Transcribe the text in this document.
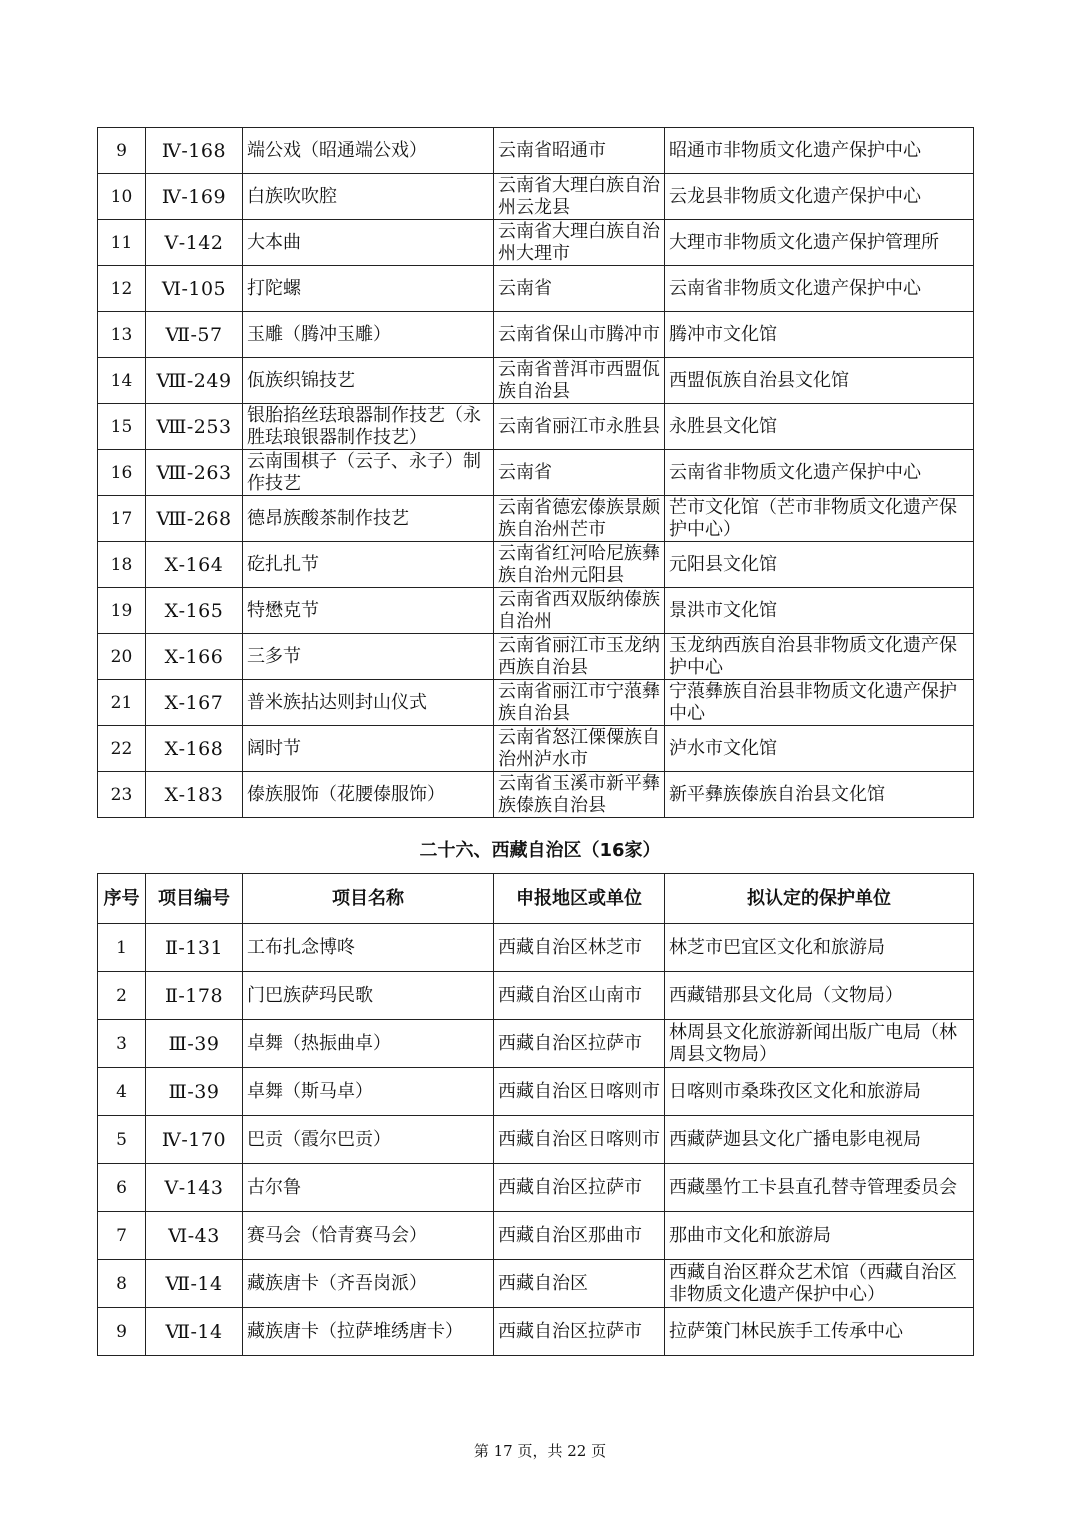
9	Ⅳ-168	端公戏（昭通端公戏）	云南省昭通市	昭通市非物质文化遗产保护中心
10	Ⅳ-169	白族吹吹腔	云南省大理白族自治州云龙县	云龙县非物质文化遗产保护中心
11	Ⅴ-142	大本曲	云南省大理白族自治州大理市	大理市非物质文化遗产保护管理所
12	Ⅵ-105	打陀螺	云南省	云南省非物质文化遗产保护中心
13	Ⅶ-57	玉雕（腾冲玉雕）	云南省保山市腾冲市	腾冲市文化馆
14	Ⅷ-249	佤族织锦技艺	云南省普洱市西盟佤族自治县	西盟佤族自治县文化馆
15	Ⅷ-253	银胎掐丝珐琅器制作技艺（永胜珐琅银器制作技艺）	云南省丽江市永胜县	永胜县文化馆
16	Ⅷ-263	云南围棋子（云子、永子）制作技艺	云南省	云南省非物质文化遗产保护中心
17	Ⅷ-268	德昂族酸茶制作技艺	云南省德宏傣族景颇族自治州芒市	芒市文化馆（芒市非物质文化遗产保护中心）
18	Ⅹ-164	矻扎扎节	云南省红河哈尼族彝族自治州元阳县	元阳县文化馆
19	Ⅹ-165	特懋克节	云南省西双版纳傣族自治州	景洪市文化馆
20	Ⅹ-166	三多节	云南省丽江市玉龙纳西族自治县	玉龙纳西族自治县非物质文化遗产保护中心
21	Ⅹ-167	普米族拈达则封山仪式	云南省丽江市宁蒗彝族自治县	宁蒗彝族自治县非物质文化遗产保护中心
22	Ⅹ-168	阔时节	云南省怒江傈僳族自治州泸水市	泸水市文化馆
23	Ⅹ-183	傣族服饰（花腰傣服饰）	云南省玉溪市新平彝族傣族自治县	新平彝族傣族自治县文化馆
二十六、西藏自治区（16家）
序号	项目编号	项目名称	申报地区或单位	拟认定的保护单位
1	Ⅱ-131	工布扎念博咚	西藏自治区林芝市	林芝市巴宜区文化和旅游局
2	Ⅱ-178	门巴族萨玛民歌	西藏自治区山南市	西藏错那县文化局（文物局）
3	Ⅲ-39	卓舞（热振曲卓）	西藏自治区拉萨市	林周县文化旅游新闻出版广电局（林周县文物局）
4	Ⅲ-39	卓舞（斯马卓）	西藏自治区日喀则市	日喀则市桑珠孜区文化和旅游局
5	Ⅳ-170	巴贡（霞尔巴贡）	西藏自治区日喀则市	西藏萨迦县文化广播电影电视局
6	Ⅴ-143	古尔鲁	西藏自治区拉萨市	西藏墨竹工卡县直孔替寺管理委员会
7	Ⅵ-43	赛马会（恰青赛马会）	西藏自治区那曲市	那曲市文化和旅游局
8	Ⅶ-14	藏族唐卡（齐吾岗派）	西藏自治区	西藏自治区群众艺术馆（西藏自治区非物质文化遗产保护中心）
9	Ⅶ-14	藏族唐卡（拉萨堆绣唐卡）	西藏自治区拉萨市	拉萨策门林民族手工传承中心
第 17 页，共 22 页
